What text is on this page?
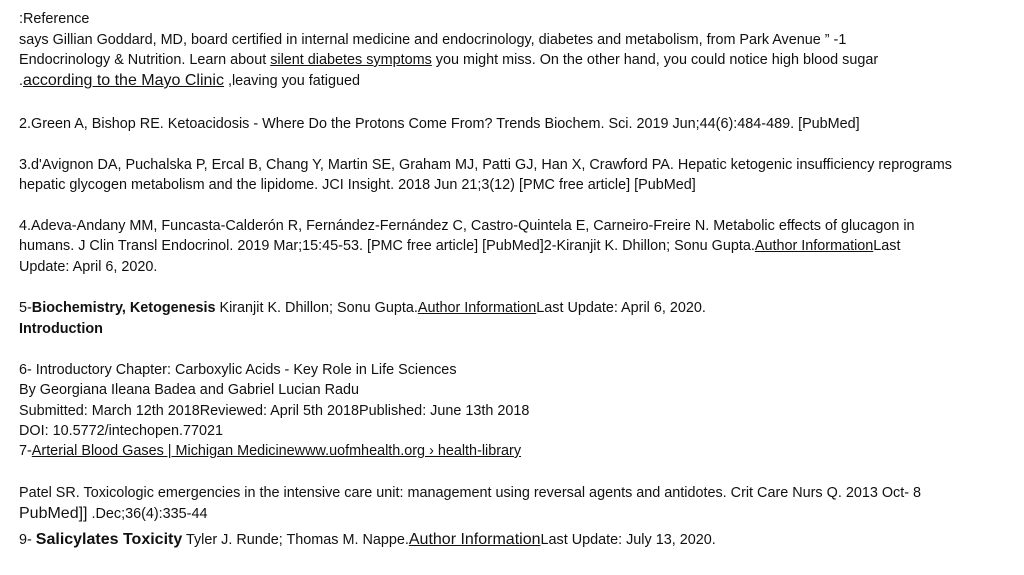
:Reference
says Gillian Goddard, MD, board certified in internal medicine and endocrinology, diabetes and metabolism, from Park Avenue ” -1
Endocrinology & Nutrition. Learn about silent diabetes symptoms you might miss. On the other hand, you could notice high blood sugar
.according to the Mayo Clinic ,leaving you fatigued
2.Green A, Bishop RE. Ketoacidosis - Where Do the Protons Come From? Trends Biochem. Sci. 2019 Jun;44(6):484-489. [PubMed]
3.d'Avignon DA, Puchalska P, Ercal B, Chang Y, Martin SE, Graham MJ, Patti GJ, Han X, Crawford PA. Hepatic ketogenic insufficiency reprograms
hepatic glycogen metabolism and the lipidome. JCI Insight. 2018 Jun 21;3(12) [PMC free article] [PubMed]
4.Adeva-Andany MM, Funcasta-Calderón R, Fernández-Fernández C, Castro-Quintela E, Carneiro-Freire N. Metabolic effects of glucagon in
humans. J Clin Transl Endocrinol. 2019 Mar;15:45-53. [PMC free article] [PubMed]2-Kiranjit K. Dhillon; Sonu Gupta.Author InformationLast
Update: April 6, 2020.
5-Biochemistry, Ketogenesis Kiranjit K. Dhillon; Sonu Gupta.Author InformationLast Update: April 6, 2020.
Introduction
6- Introductory Chapter: Carboxylic Acids - Key Role in Life Sciences
By Georgiana Ileana Badea and Gabriel Lucian Radu
Submitted: March 12th 2018Reviewed: April 5th 2018Published: June 13th 2018
DOI: 10.5772/intechopen.77021
7-Arterial Blood Gases | Michigan Medicinewww.uofmhealth.org › health-library
Patel SR. Toxicologic emergencies in the intensive care unit: management using reversal agents and antidotes. Crit Care Nurs Q. 2013 Oct- 8
PubMed]] .Dec;36(4):335-44
9- Salicylates Toxicity Tyler J. Runde; Thomas M. Nappe.Author InformationLast Update: July 13, 2020.
